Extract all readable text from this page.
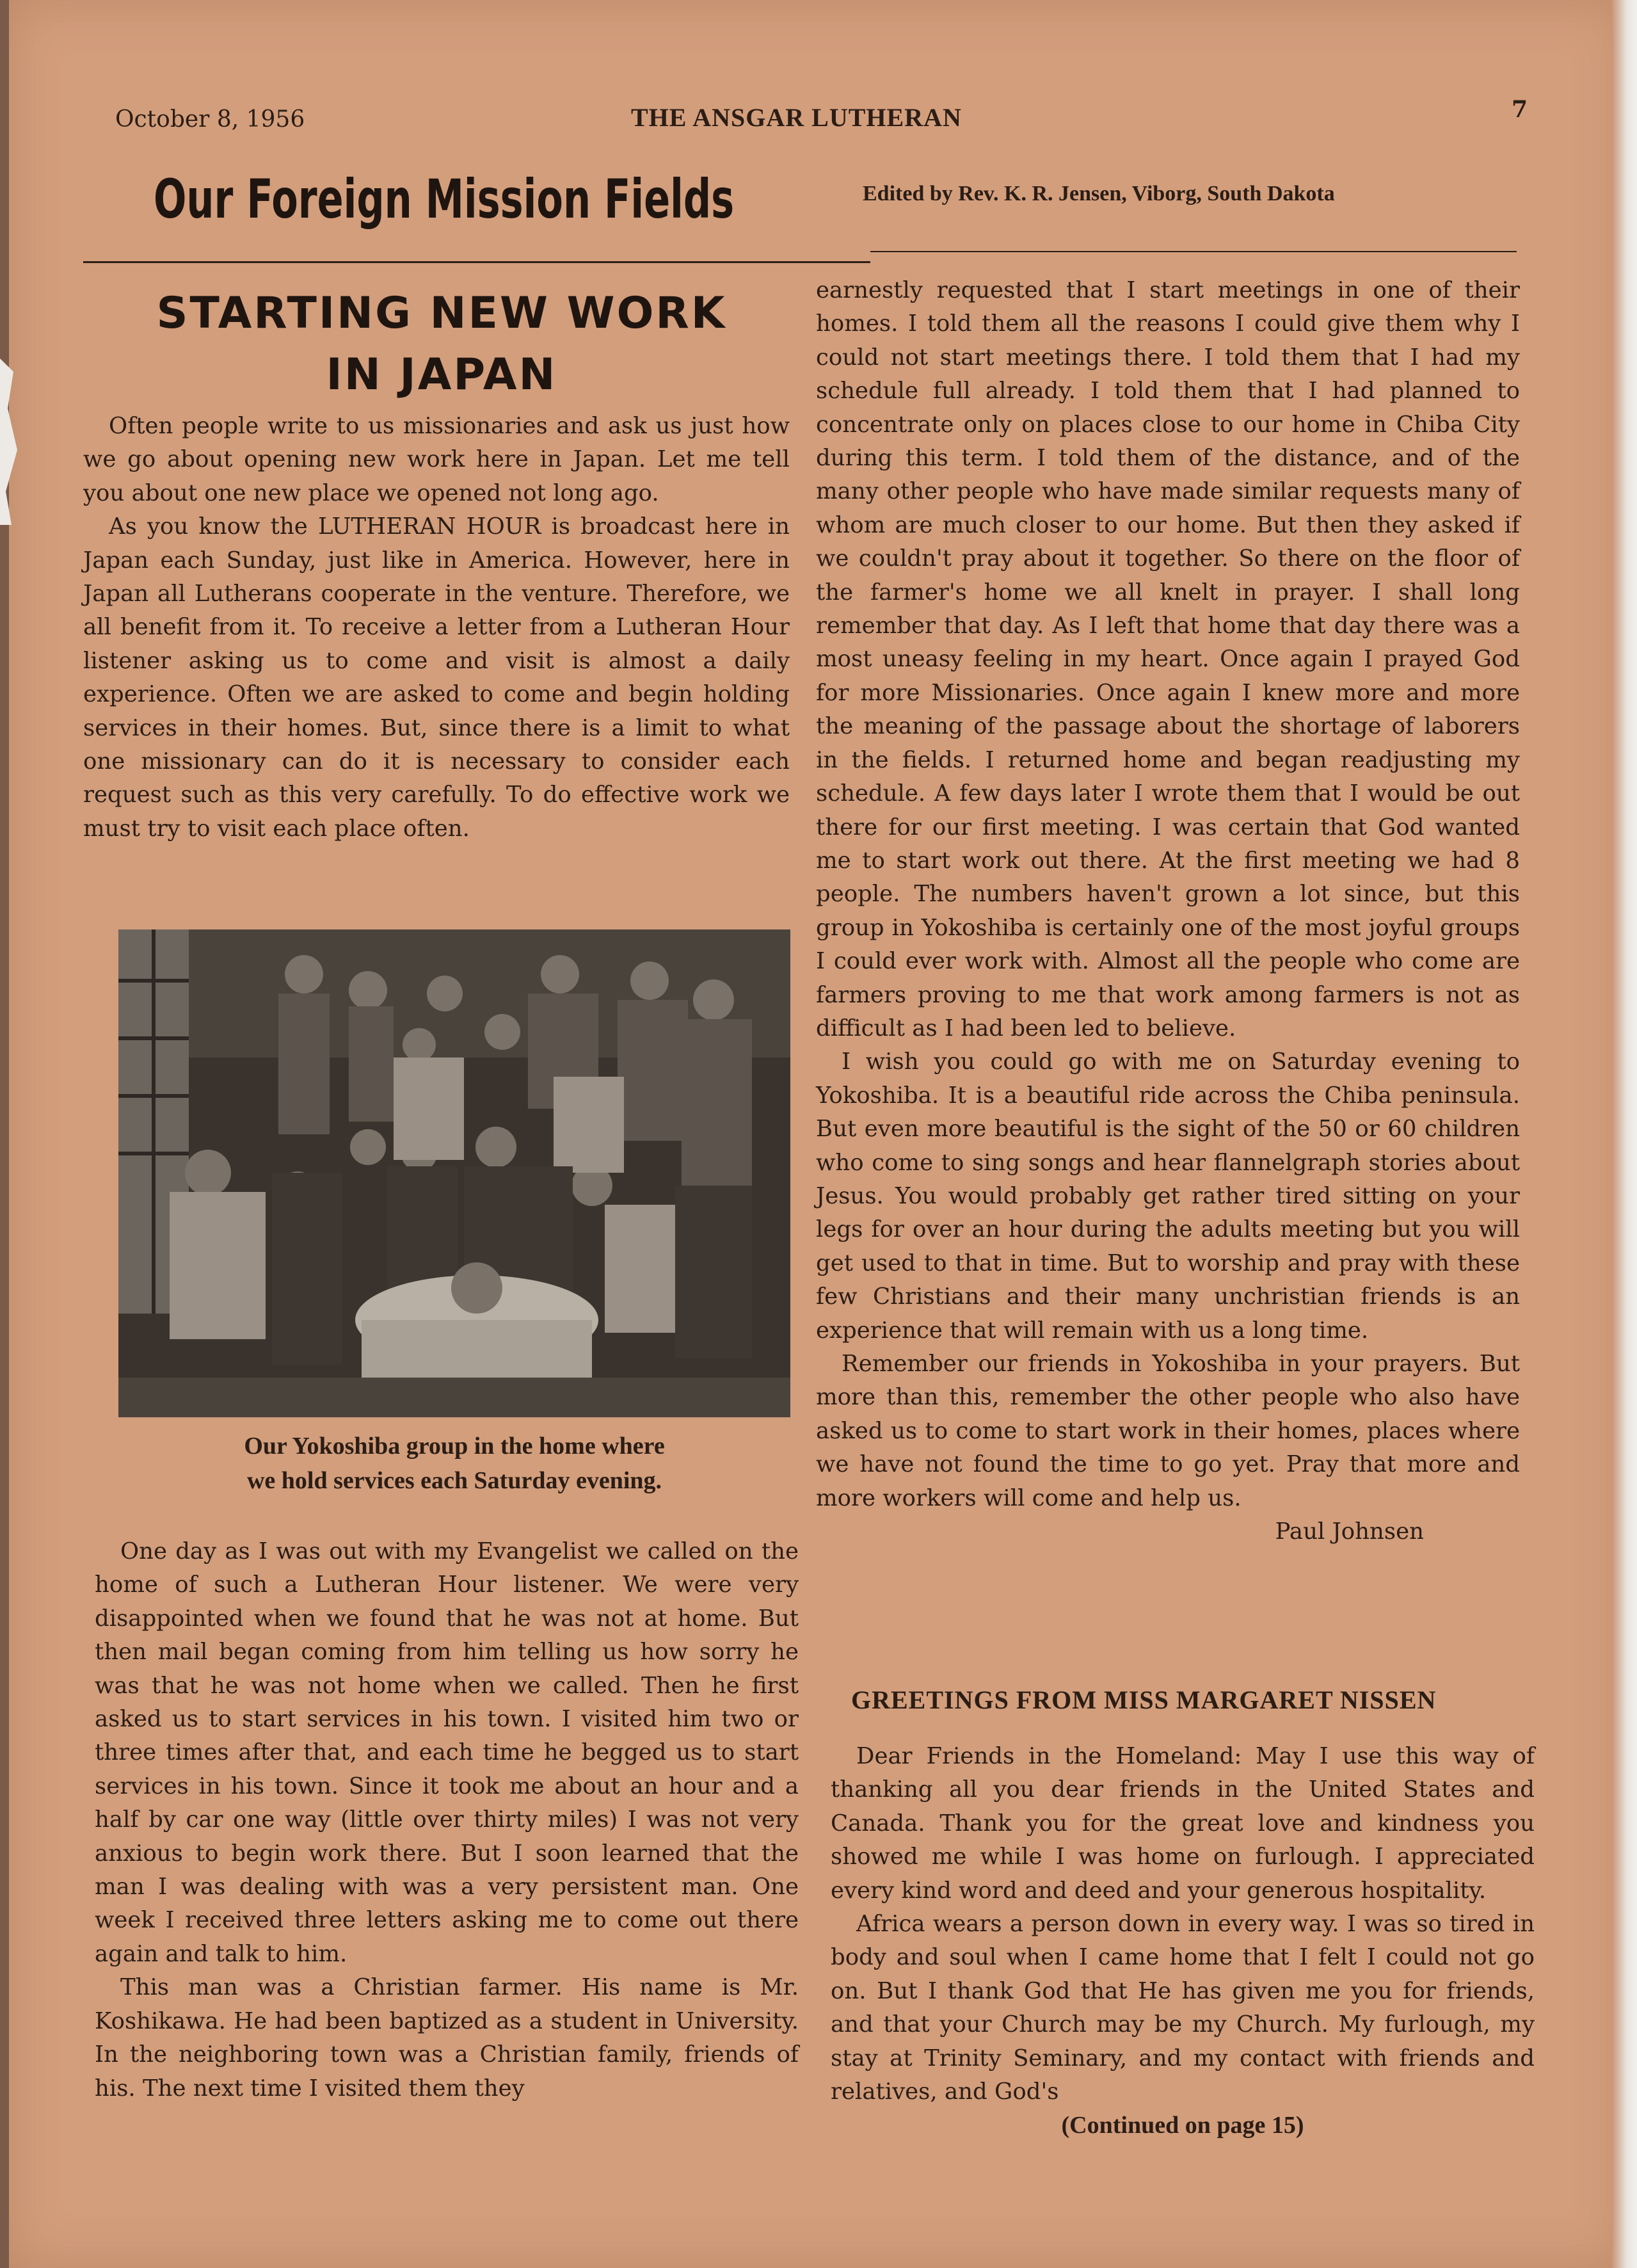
October 8, 1956	THE ANSGAR LUTHERAN	7
Our Foreign Mission Fields	Edited by Rev. K. R. Jensen, Viborg, South Dakota
STARTING NEW WORK
IN JAPAN

Often people write to us missionaries and ask us just how we go about opening new work here in Japan. Let me tell you about one new place we opened not long ago.

As you know the LUTHERAN HOUR is broadcast here in Japan each Sunday, just like in America. However, here in Japan all Lutherans cooperate in the venture. Therefore, we all benefit from it. To receive a letter from a Lutheran Hour listener asking us to come and visit is almost a daily experience. Often we are asked to come and begin holding services in their homes. But, since there is a limit to what one missionary can do it is necessary to consider each request such as this very carefully. To do effective work we must try to visit each place often.

Our Yokoshiba group in the home where
we hold services each Saturday evening.

One day as I was out with my Evangelist we called on the home of such a Lutheran Hour listener. We were very disappointed when we found that he was not at home. But then mail began coming from him telling us how sorry he was that he was not home when we called. Then he first asked us to start services in his town. I visited him two or three times after that, and each time he begged us to start services in his town. Since it took me about an hour and a half by car one way (little over thirty miles) I was not very anxious to begin work there. But I soon learned that the man I was dealing with was a very persistent man. One week I received three letters asking me to come out there again and talk to him.

This man was a Christian farmer. His name is Mr. Koshikawa. He had been baptized as a student in University. In the neighboring town was a Christian family, friends of his. The next time I visited them they

earnestly requested that I start meetings in one of their homes. I told them all the reasons I could give them why I could not start meetings there. I told them that I had my schedule full already. I told them that I had planned to concentrate only on places close to our home in Chiba City during this term. I told them of the distance, and of the many other people who have made similar requests many of whom are much closer to our home. But then they asked if we couldn't pray about it together. So there on the floor of the farmer's home we all knelt in prayer. I shall long remember that day. As I left that home that day there was a most uneasy feeling in my heart. Once again I prayed God for more Missionaries. Once again I knew more and more the meaning of the passage about the shortage of laborers in the fields. I returned home and began readjusting my schedule. A few days later I wrote them that I would be out there for our first meeting. I was certain that God wanted me to start work out there. At the first meeting we had 8 people. The numbers haven't grown a lot since, but this group in Yokoshiba is certainly one of the most joyful groups I could ever work with. Almost all the people who come are farmers proving to me that work among farmers is not as difficult as I had been led to believe.

I wish you could go with me on Saturday evening to Yokoshiba. It is a beautiful ride across the Chiba peninsula. But even more beautiful is the sight of the 50 or 60 children who come to sing songs and hear flannelgraph stories about Jesus. You would probably get rather tired sitting on your legs for over an hour during the adults meeting but you will get used to that in time. But to worship and pray with these few Christians and their many unchristian friends is an experience that will remain with us a long time.

Remember our friends in Yokoshiba in your prayers. But more than this, remember the other people who also have asked us to come to start work in their homes, places where we have not found the time to go yet. Pray that more and more workers will come and help us.

Paul Johnsen

GREETINGS FROM MISS MARGARET NISSEN

Dear Friends in the Homeland: May I use this way of thanking all you dear friends in the United States and Canada. Thank you for the great love and kindness you showed me while I was home on furlough. I appreciated every kind word and deed and your generous hospitality.

Africa wears a person down in every way. I was so tired in body and soul when I came home that I felt I could not go on. But I thank God that He has given me you for friends, and that your Church may be my Church. My furlough, my stay at Trinity Seminary, and my contact with friends and relatives, and God's

(Continued on page 15)
